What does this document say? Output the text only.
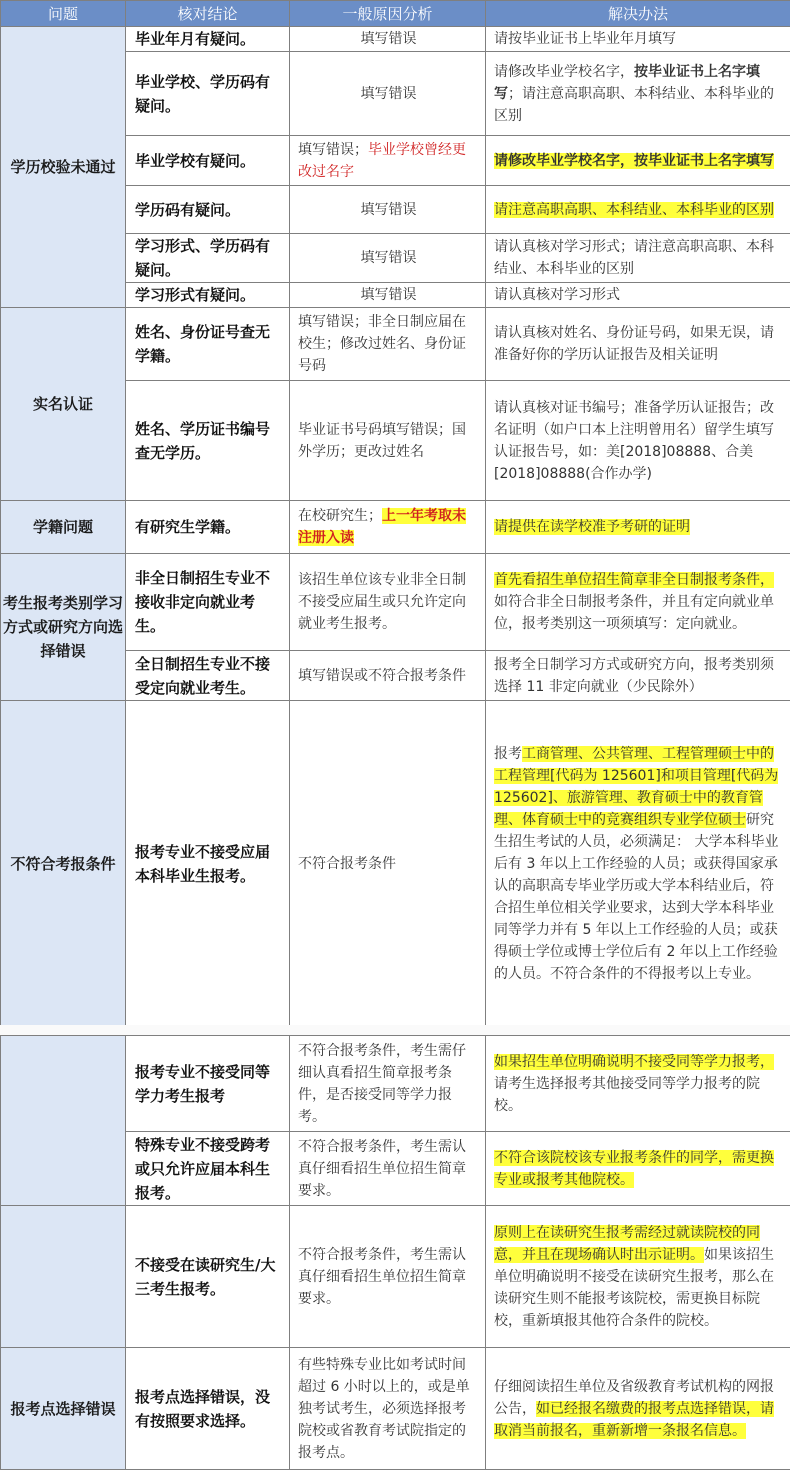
问题	核对结论	一般原因分析	解决办法
学历校验未通过	毕业年月有疑问。	填写错误	请按毕业证书上毕业年月填写
	毕业学校、学历码有疑问。	填写错误	请修改毕业学校名字，按毕业证书上名字填写；请注意高职高职、本科结业、本科毕业的区别
	毕业学校有疑问。	填写错误；毕业学校曾经更改过名字	请修改毕业学校名字，按毕业证书上名字填写
	学历码有疑问。	填写错误	请注意高职高职、本科结业、本科毕业的区别
	学习形式、学历码有疑问。	填写错误	请认真核对学习形式；请注意高职高职、本科结业、本科毕业的区别
	学习形式有疑问。	填写错误	请认真核对学习形式
实名认证	姓名、身份证号查无学籍。	填写错误；非全日制应届在校生；修改过姓名、身份证号码	请认真核对姓名、身份证号码，如果无误，请准备好你的学历认证报告及相关证明
	姓名、学历证书编号查无学历。	毕业证书号码填写错误；国外学历；更改过姓名	请认真核对证书编号；准备学历认证报告；改名证明（如户口本上注明曾用名）留学生填写认证报告号，如：美[2018]08888、合美[2018]08888(合作办学)
学籍问题	有研究生学籍。	在校研究生；上一年考取未注册入读	请提供在读学校准予考研的证明
考生报考类别学习方式或研究方向选择错误	非全日制招生专业不接收非定向就业考生。	该招生单位该专业非全日制不接受应届生或只允许定向就业考生报考。	首先看招生单位招生简章非全日制报考条件，如符合非全日制报考条件，并且有定向就业单位，报考类别这一项须填写：定向就业。
	全日制招生专业不接受定向就业考生。	填写错误或不符合报考条件	报考全日制学习方式或研究方向，报考类别须选择 11 非定向就业（少民除外）
不符合考报条件	报考专业不接受应届本科毕业生报考。	不符合报考条件	报考工商管理、公共管理、工程管理硕士中的工程管理[代码为 125601]和项目管理[代码为 125602]、旅游管理、教育硕士中的教育管理、体育硕士中的竞赛组织专业学位硕士研究生招生考试的人员，必须满足： 大学本科毕业后有 3 年以上工作经验的人员；或获得国家承认的高职高专毕业学历或大学本科结业后，符合招生单位相关学业要求，达到大学本科毕业同等学力并有 5 年以上工作经验的人员；或获得硕士学位或博士学位后有 2 年以上工作经验的人员。不符合条件的不得报考以上专业。
	报考专业不接受同等学力考生报考	不符合报考条件，考生需仔细认真看招生简章报考条件，是否接受同等学力报考。	如果招生单位明确说明不接受同等学力报考，请考生选择报考其他接受同等学力报考的院校。
	特殊专业不接受跨考或只允许应届本科生报考。	不符合报考条件，考生需认真仔细看招生单位招生简章要求。	不符合该院校该专业报考条件的同学，需更换专业或报考其他院校。
	不接受在读研究生/大三考生报考。	不符合报考条件，考生需认真仔细看招生单位招生简章要求。	原则上在读研究生报考需经过就读院校的同意，并且在现场确认时出示证明。如果该招生单位明确说明不接受在读研究生报考，那么在读研究生则不能报考该院校，需更换目标院校，重新填报其他符合条件的院校。
报考点选择错误	报考点选择错误，没有按照要求选择。	有些特殊专业比如考试时间超过 6 小时以上的，或是单独考试考生，必须选择报考院校或省教育考试院指定的报考点。	仔细阅读招生单位及省级教育考试机构的网报公告，如已经报名缴费的报考点选择错误，请取消当前报名，重新新增一条报名信息。
